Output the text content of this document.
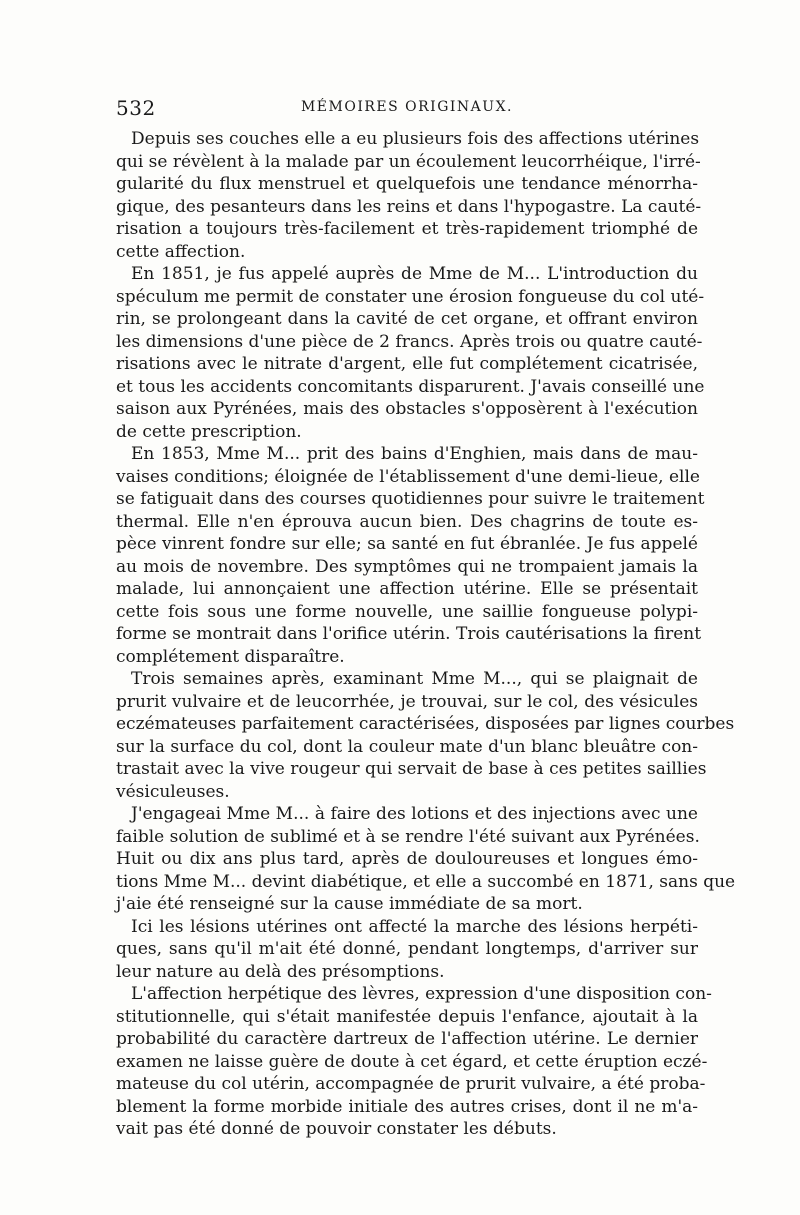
532	MÉMOIRES ORIGINAUX.
Depuis ses couches elle a eu plusieurs fois des affections utérines
qui se révèlent à la malade par un écoulement leucorrhéique, l'irré-
gularité du flux menstruel et quelquefois une tendance ménorrha-
gique, des pesanteurs dans les reins et dans l'hypogastre. La cauté-
risation a toujours très-facilement et très-rapidement triomphé de
cette affection.
En 1851, je fus appelé auprès de Mme de M... L'introduction du
spéculum me permit de constater une érosion fongueuse du col uté-
rin, se prolongeant dans la cavité de cet organe, et offrant environ
les dimensions d'une pièce de 2 francs. Après trois ou quatre cauté-
risations avec le nitrate d'argent, elle fut complétement cicatrisée,
et tous les accidents concomitants disparurent. J'avais conseillé une
saison aux Pyrénées, mais des obstacles s'opposèrent à l'exécution
de cette prescription.
En 1853, Mme M... prit des bains d'Enghien, mais dans de mau-
vaises conditions; éloignée de l'établissement d'une demi-lieue, elle
se fatiguait dans des courses quotidiennes pour suivre le traitement
thermal. Elle n'en éprouva aucun bien. Des chagrins de toute es-
pèce vinrent fondre sur elle; sa santé en fut ébranlée. Je fus appelé
au mois de novembre. Des symptômes qui ne trompaient jamais la
malade, lui annonçaient une affection utérine. Elle se présentait
cette fois sous une forme nouvelle, une saillie fongueuse polypi-
forme se montrait dans l'orifice utérin. Trois cautérisations la firent
complétement disparaître.
Trois semaines après, examinant Mme M..., qui se plaignait de
prurit vulvaire et de leucorrhée, je trouvai, sur le col, des vésicules
eczémateuses parfaitement caractérisées, disposées par lignes courbes
sur la surface du col, dont la couleur mate d'un blanc bleuâtre con-
trastait avec la vive rougeur qui servait de base à ces petites saillies
vésiculeuses.
J'engageai Mme M... à faire des lotions et des injections avec une
faible solution de sublimé et à se rendre l'été suivant aux Pyrénées.
Huit ou dix ans plus tard, après de douloureuses et longues émo-
tions Mme M... devint diabétique, et elle a succombé en 1871, sans que
j'aie été renseigné sur la cause immédiate de sa mort.
Ici les lésions utérines ont affecté la marche des lésions herpéti-
ques, sans qu'il m'ait été donné, pendant longtemps, d'arriver sur
leur nature au delà des présomptions.
L'affection herpétique des lèvres, expression d'une disposition con-
stitutionnelle, qui s'était manifestée depuis l'enfance, ajoutait à la
probabilité du caractère dartreux de l'affection utérine. Le dernier
examen ne laisse guère de doute à cet égard, et cette éruption eczé-
mateuse du col utérin, accompagnée de prurit vulvaire, a été proba-
blement la forme morbide initiale des autres crises, dont il ne m'a-
vait pas été donné de pouvoir constater les débuts.
